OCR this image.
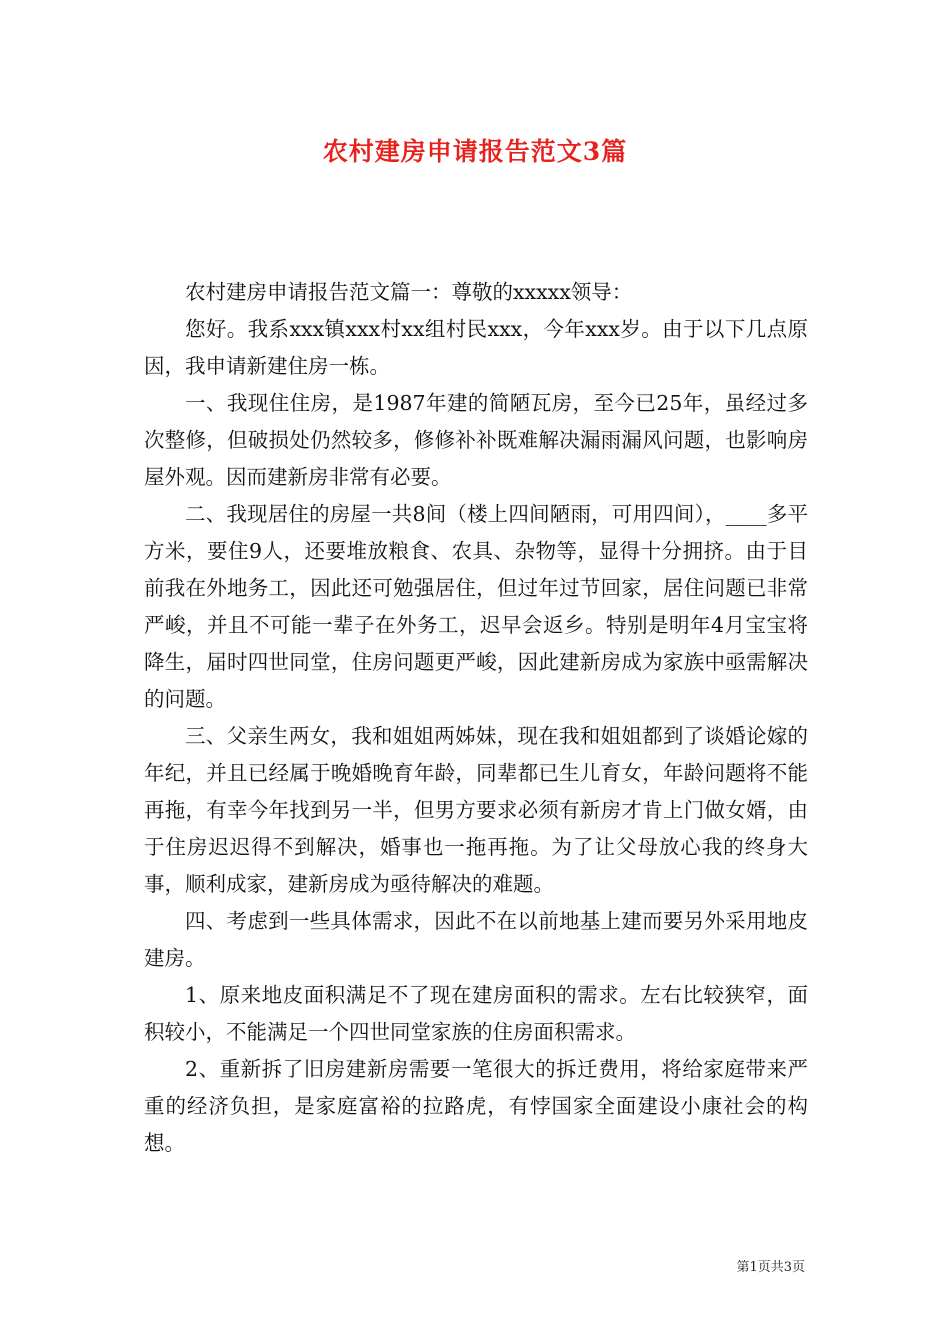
农村建房申请报告范文3篇

农村建房申请报告范文篇一：尊敬的xxxxx领导：

您好。我系xxx镇xxx村xx组村民xxx，今年xxx岁。由于以下几点原因，我申请新建住房一栋。

一、我现住住房，是1987年建的简陋瓦房，至今已25年，虽经过多次整修，但破损处仍然较多，修修补补既难解决漏雨漏风问题，也影响房屋外观。因而建新房非常有必要。

二、我现居住的房屋一共8间（楼上四间陋雨，可用四间），____多平方米，要住9人，还要堆放粮食、农具、杂物等，显得十分拥挤。由于目前我在外地务工，因此还可勉强居住，但过年过节回家，居住问题已非常严峻，并且不可能一辈子在外务工，迟早会返乡。特别是明年4月宝宝将降生，届时四世同堂，住房问题更严峻，因此建新房成为家族中亟需解决的问题。

三、父亲生两女，我和姐姐两姊妹，现在我和姐姐都到了谈婚论嫁的年纪，并且已经属于晚婚晚育年龄，同辈都已生儿育女，年龄问题将不能再拖，有幸今年找到另一半，但男方要求必须有新房才肯上门做女婿，由于住房迟迟得不到解决，婚事也一拖再拖。为了让父母放心我的终身大事，顺利成家，建新房成为亟待解决的难题。

四、考虑到一些具体需求，因此不在以前地基上建而要另外采用地皮建房。

1、原来地皮面积满足不了现在建房面积的需求。左右比较狭窄，面积较小，不能满足一个四世同堂家族的住房面积需求。

2、重新拆了旧房建新房需要一笔很大的拆迁费用，将给家庭带来严重的经济负担，是家庭富裕的拉路虎，有悖国家全面建设小康社会的构想。

第1页共3页
